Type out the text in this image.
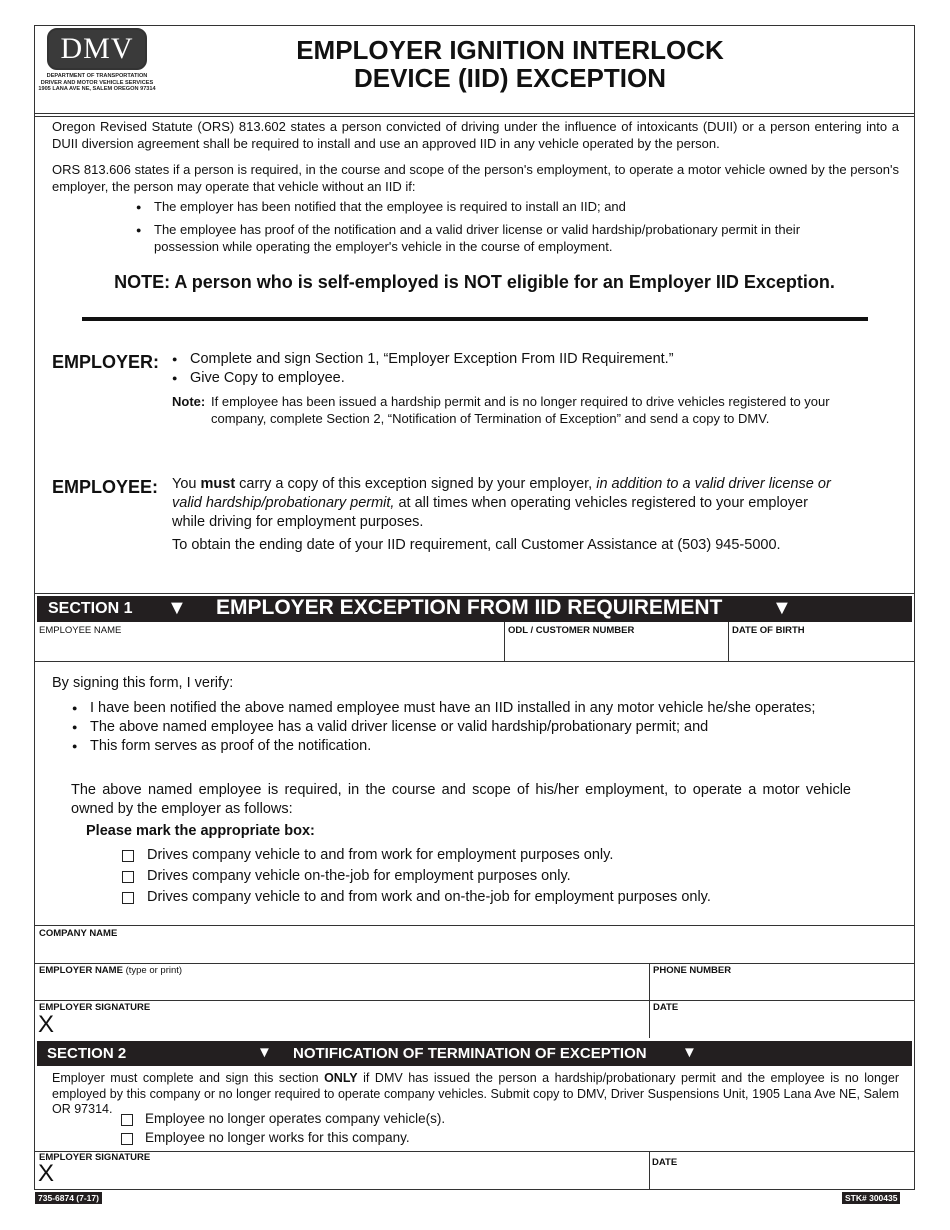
DMV
DEPARTMENT OF TRANSPORTATION
DRIVER AND MOTOR VEHICLE SERVICES
1905 LANA AVE NE, SALEM OREGON 97314
EMPLOYER IGNITION INTERLOCK
DEVICE (IID) EXCEPTION
Oregon Revised Statute (ORS) 813.602 states a person convicted of driving under the influence of intoxicants (DUII) or a person entering into a DUII diversion agreement shall be required to install and use an approved IID in any vehicle operated by the person.
ORS 813.606 states if a person is required, in the course and scope of the person's employment, to operate a motor vehicle owned by the person's employer, the person may operate that vehicle without an IID if:
● The employer has been notified that the employee is required to install an IID; and
● The employee has proof of the notification and a valid driver license or valid hardship/probationary permit in their possession while operating the employer's vehicle in the course of employment.
NOTE: A person who is self-employed is NOT eligible for an Employer IID Exception.
EMPLOYER:
●	Complete and sign Section 1, “Employer Exception From IID Requirement.”
● Give Copy to employee.
Note: If employee has been issued a hardship permit and is no longer required to drive vehicles registered to your company, complete Section 2, “Notification of Termination of Exception” and send a copy to DMV.
EMPLOYEE: You must carry a copy of this exception signed by your employer, in addition to a valid driver license or valid hardship/probationary permit, at all times when operating vehicles registered to your employer while driving for employment purposes.
To obtain the ending date of your IID requirement, call Customer Assistance at (503) 945-5000.
SECTION 1 ▼ EMPLOYER EXCEPTION FROM IID REQUIREMENT ▼
EMPLOYEE NAME	ODL / CUSTOMER NUMBER	DATE OF BIRTH
By signing this form, I verify:
● I have been notified the above named employee must have an IID installed in any motor vehicle he/she operates;
● The above named employee has a valid driver license or valid hardship/probationary permit; and
● This form serves as proof of the notification.
The above named employee is required, in the course and scope of his/her employment, to operate a motor vehicle owned by the employer as follows:
Please mark the appropriate box:
Drives company vehicle to and from work for employment purposes only.
Drives company vehicle on-the-job for employment purposes only.
Drives company vehicle to and from work and on-the-job for employment purposes only.
COMPANY NAME
EMPLOYER NAME (type or print)	PHONE NUMBER
EMPLOYER SIGNATURE
X
DATE
SECTION 2	▼ NOTIFICATION OF TERMINATION OF EXCEPTION ▼
Employer must complete and sign this section ONLY if DMV has issued the person a hardship/probationary permit and the employee is no longer employed by this company or no longer required to operate company vehicles. Submit copy to DMV, Driver Suspensions Unit, 1905 Lana Ave NE, Salem OR 97314.
Employee no longer operates company vehicle(s).
Employee no longer works for this company.
EMPLOYER SIGNATURE
X	DATE
735-6874 (7-17)	STK# 300435
